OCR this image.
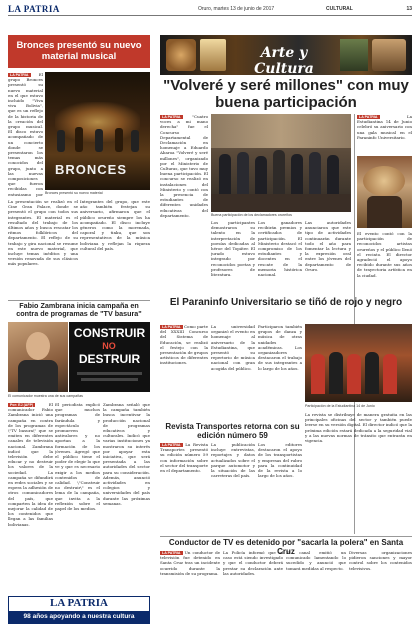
LA PATRIA	Oruro, martes 13 de junio de 2017	CULTURAL	13
Bronces presentó su nuevo material musical
LA PATRIA	El grupo Bronces presentó su nuevo material en el que estuvo incluido "Viva viva Bolivia", que es un reflejo de la historia de la creación del grupo musical. El disco estuvo acompañado de un concierto donde se presentaron los temas más conocidos del grupo, junto a las nuevas composiciones que fueron recibidas con entusiasmo por
BRONCES
Bronces presentó su nuevo material
La presentación se realizó en el Cine Gran Palace, donde se presentó el grupo con todos sus integrantes. El material es el resultado del trabajo de los últimos años y busca rescatar los ritmos folklóricos del departamento. El reflejo de su trabajo y gira nacional se resume en este nuevo material, que incluye temas inéditos y una versión renovada de sus clásicos más populares.
Integrantes del grupo, que este año también festejan su aniversario, afirmaron que el público orureño siempre los ha acompañado. El disco incluye géneros como la morenada, caporal y tinku, que son representativos de la música boliviana y reflejan la riqueza cultural del país.
Fabio Zambrana inicia campaña en contra de programas de "TV basura"
CONSTRUIR
NO
DESTRUIR
El comunicador muestra una de sus campañas
Por: EJ (AFP) El comunicador Fabio Zambrana inició una campaña en contra de los programas de \"TV basura\" que se emiten en diferentes canales de televisión nacional. Zambrana indicó que la televisión debe educar y no destruir los valores de la sociedad. La campaña se difundirá en redes sociales y se espera la adhesión de otros comunicadores del país, que comparten la idea de mejorar la calidad de los contenidos que llegan a las familias bolivianas.
El periodista explicó que muchos programas de farándula y espectáculo promueven antivalores y no aportan a la formación de los jóvenes. Agregó que el público tiene el poder de elegir lo que ve y que es necesario exigir a los medios contenidos de calidad. \"Construir no destruir\" es el lema de la campaña, que invita a la reflexión sobre el papel de los medios.
Zambrana señaló que la campaña también busca incentivar la producción nacional de programas educativos y culturales. Indicó que varias instituciones ya mostraron su interés por apoyar esta iniciativa, que será presentada a las autoridades del sector para su consideración. Además, anunció actividades en colegios y universidades del país durante las próximas semanas.
Arte y Cultura
"Volveré y seré millones" con muy buena participación
LA PATRIA	"Cuatro voces a mi mano derecha" fue el Concurso Departamental de Declamación en homenaje a Eduardo Abaroa "Volveré y seré millones", organizado por el Ministerio de Culturas, que tuvo muy buena participación. El concurso se realizó en instalaciones del Ministerio y contó con la presencia de estudiantes de diferentes unidades educativas del departamento.	Buena participación de los declamadores orureños
Los participantes demostraron su talento en la interpretación de poesías dedicadas al héroe del Topáter. El jurado estuvo integrado por reconocidos poetas y profesores de literatura.
Los ganadores recibirán premios y certificados de participación. El Ministerio destacó el compromiso de los estudiantes y docentes en el rescate de la memoria histórica nacional.
Las autoridades anunciaron que este tipo de actividades continuarán durante todo el año para fomentar la lectura y la expresión oral entre los jóvenes del departamento de Oruro.
LA PATRIA La Estudiantina 14 de Junio celebró su aniversario con una gala musical en el Paraninfo Universitario.
El evento contó con la participación de reconocidos artistas orureños y el público llenó el recinto. El director agradeció el apoyo recibido durante sus años de trayectoria artística en la ciudad.
El Paraninfo Universitario se tiñó de rojo y negro
LA PATRIA Como parte del XXXIII Concurso del Sistema de Educación, se realizó el festejo con la presentación de grupos artísticos de diferentes instituciones.
La universidad organizó el evento en homenaje al aniversario de la Estudiantina, que presentó su repertorio de música nacional con gran acogida del público.
Participaron también grupos de danza y música de otras unidades académicas. Los organizadores destacaron el trabajo de sus integrantes a lo largo de los años.
Participación de la Estudiantina 14 de Junio
Revista Transportes retorna con su edición número 59
LA PATRIA La Revista Transportes presentó su edición número 59 con información sobre el sector del transporte en el departamento.
La publicación incluye entrevistas, reportajes y datos actualizados sobre el parque automotor y la situación de las carreteras del país.
Los editores destacaron el apoyo de los transportistas y empresas del rubro para la continuidad de la revista a lo largo de los años.
La revista se distribuye de manera gratuita en las principales oficinas del sector y también puede leerse en su versión digital. El director indicó que la próxima edición estará dedicada a la seguridad vial y a las nuevas normas de tránsito que entrarán en vigencia.
Conductor de TV es detenido por "sacarla la polera" en Santa Cruz
LA PATRIA Un conductor de televisión fue detenido en Santa Cruz tras un incidente ocurrido durante la transmisión de su programa.
La Policía informó que el caso está siendo investigado y que el conductor deberá prestar su declaración ante las autoridades.
El canal emitió un comunicado lamentando lo sucedido y anunció que tomará medidas al respecto.
Diversas organizaciones pidieron sanciones y mayor control sobre los contenidos televisivos.
LA PATRIA
98 años apoyando a nuestra cultura
